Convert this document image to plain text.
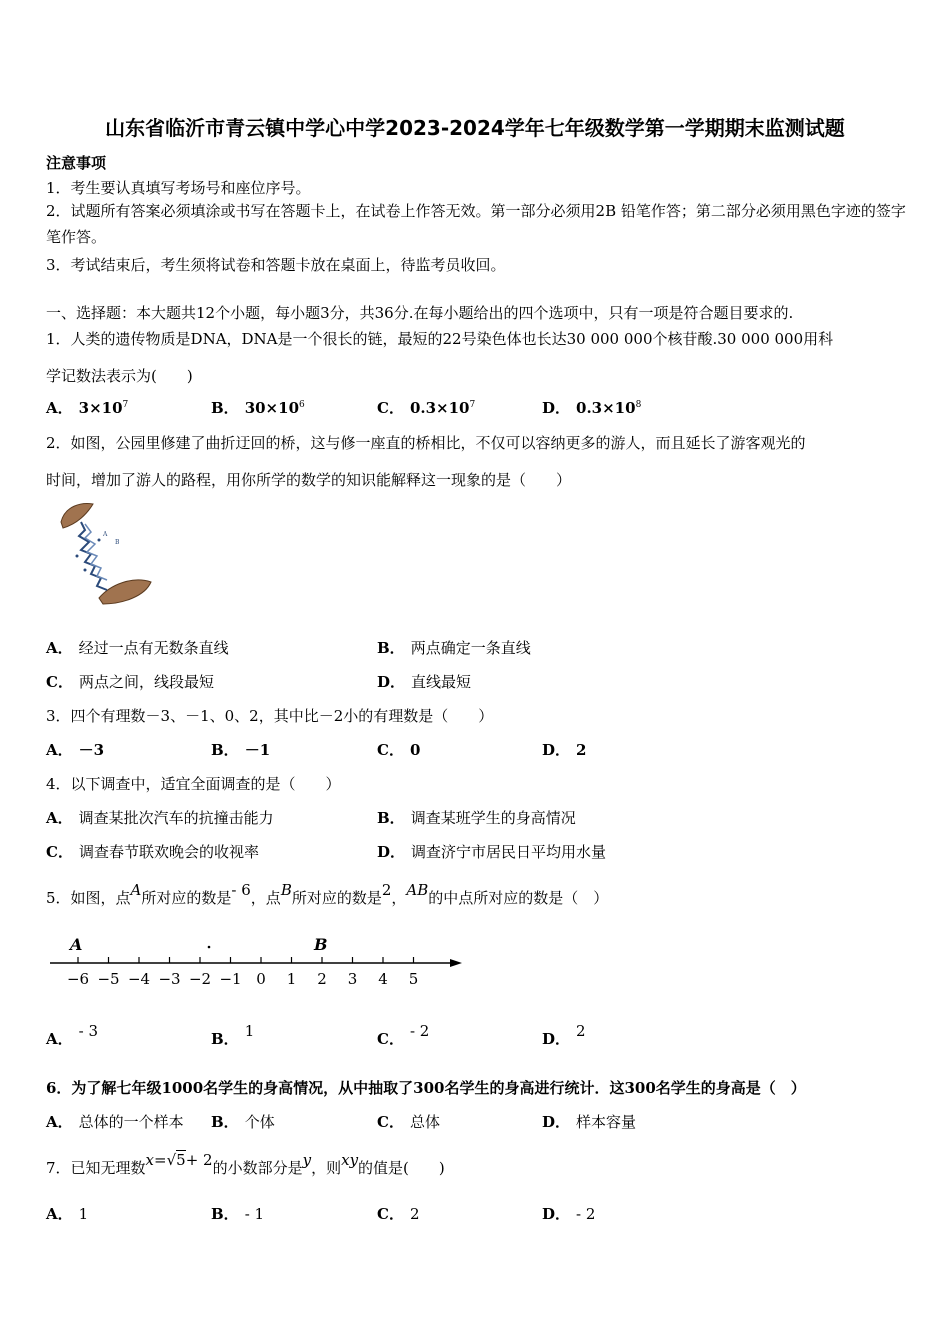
山东省临沂市青云镇中学心中学2023-2024学年七年级数学第一学期期末监测试题
注意事项
1．考生要认真填写考场号和座位序号。
2．试题所有答案必须填涂或书写在答题卡上，在试卷上作答无效。第一部分必须用2B 铅笔作答；第二部分必须用黑色字迹的签字笔作答。
3．考试结束后，考生须将试卷和答题卡放在桌面上，待监考员收回。
一、选择题：本大题共12个小题，每小题3分，共36分.在每小题给出的四个选项中，只有一项是符合题目要求的.
1．人类的遗传物质是DNA，DNA是一个很长的链，最短的22号染色体也长达30 000 000个核苷酸.30 000 000用科
学记数法表示为(　　)
A． $3\times 10^7$	B． $30\times 10^6$	C． $0.3\times 10^7$	D． $0.3\times 10^8$
2．如图，公园里修建了曲折迂回的桥，这与修一座直的桥相比，不仅可以容纳更多的游人，而且延长了游客观光的
时间，增加了游人的路程，用你所学的数学的知识能解释这一现象的是（　　）
A
B
A． 经过一点有无数条直线	B． 两点确定一条直线
C． 两点之间，线段最短	D． 直线最短
3．四个有理数－3、－1、0、2，其中比－2小的有理数是（　　）
A． －3	B． －1	C． 0	D． 2
4．以下调查中，适宜全面调查的是（　　）
A． 调查某批次汽车的抗撞击能力	B． 调查某班学生的身高情况
C． 调查春节联欢晚会的收视率	D． 调查济宁市居民日平均用水量
5．如图，点A所对应的数是- 6，点B所对应的数是2，AB的中点所对应的数是（　）
A	B
−6 −5 −4 −3 −2 −1 0 1 2 3 4 5
A． - 3	B． 1	C． - 2	D． 2
6．为了解七年级1000名学生的身高情况，从中抽取了300名学生的身高进行统计．这300名学生的身高是（　）
A． 总体的一个样本 B． 个体	C． 总体	D． 样本容量
7．已知无理数x=√5+ 2的小数部分是y，则xy的值是(　　)
A． 1	B． - 1	C． 2	D． - 2
